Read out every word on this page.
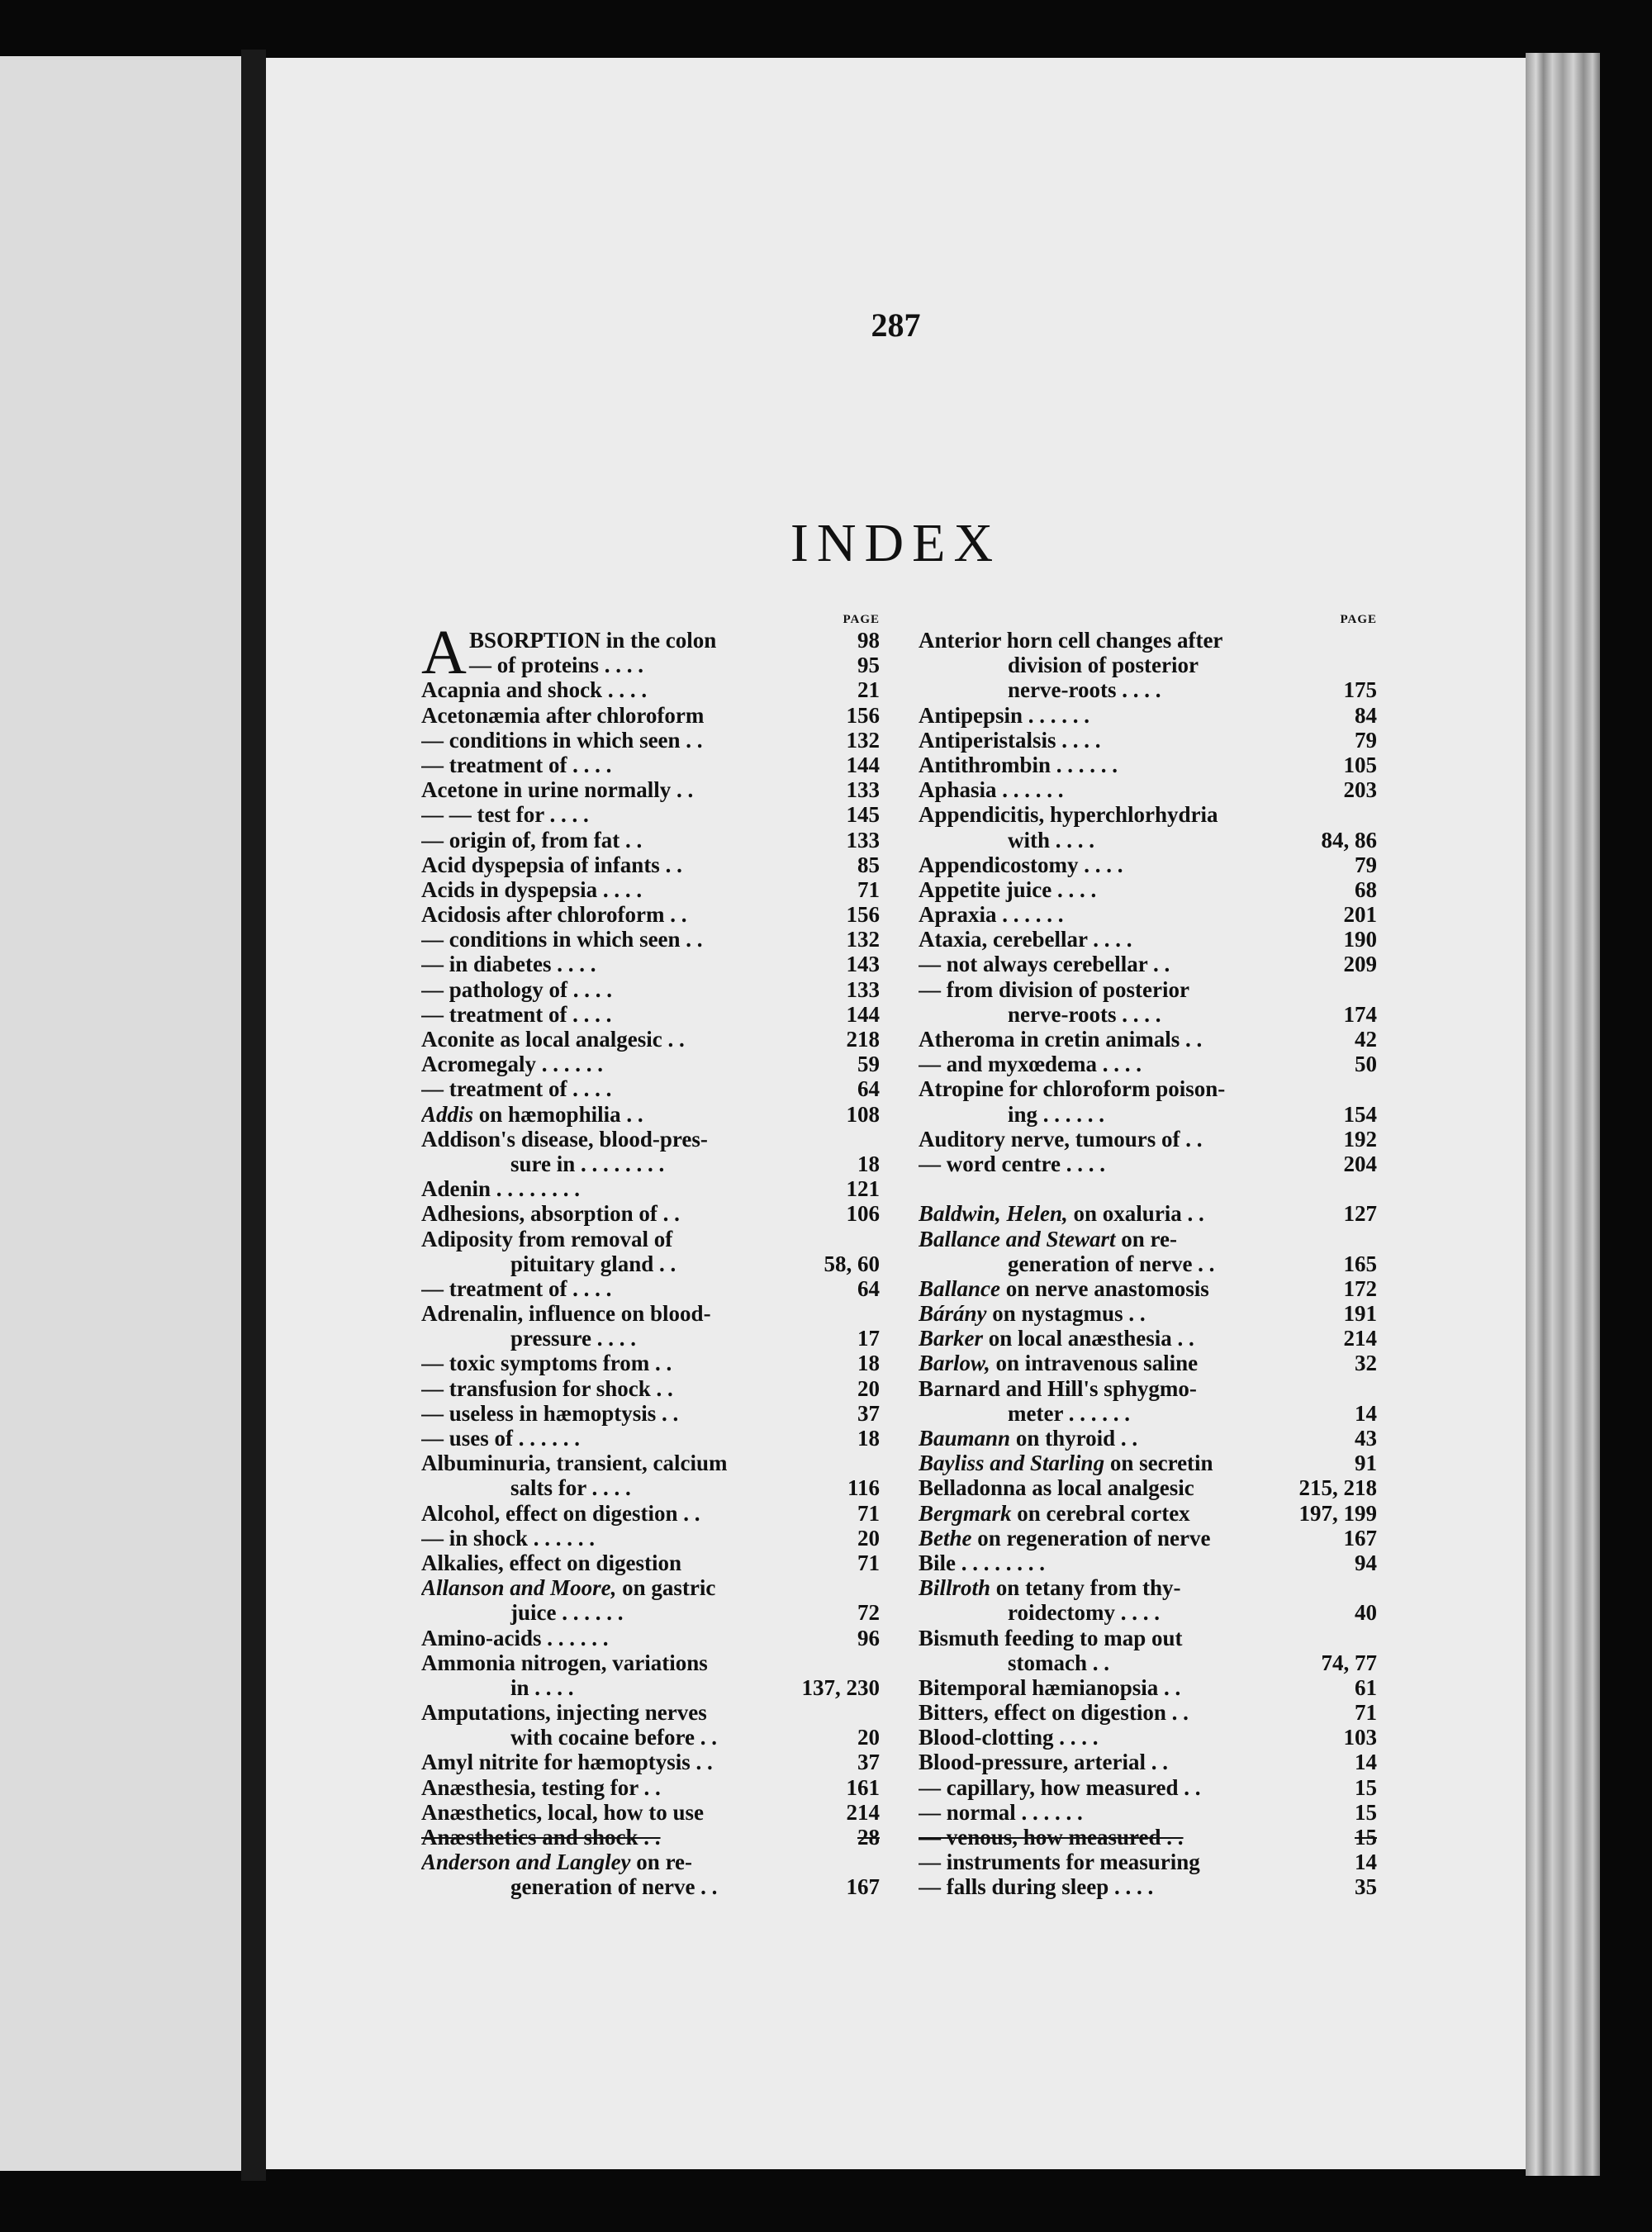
287
INDEX
PAGE
A BSORPTION in the colon	98
— of proteins . . . .	95
Acapnia and shock . . . .	21
Acetonæmia after chloroform	156
— conditions in which seen . .	132
— treatment of . . . .	144
Acetone in urine normally . .	133
— — test for . . . .	145
— origin of, from fat . .	133
Acid dyspepsia of infants . .	85
Acids in dyspepsia . . . .	71
Acidosis after chloroform . .	156
— conditions in which seen . .	132
— in diabetes . . . .	143
— pathology of . . . .	133
— treatment of . . . .	144
Aconite as local analgesic . .	218
Acromegaly . . . . . .	59
— treatment of . . . .	64
Addis on hæmophilia . .	108
Addison's disease, blood-pres-
sure in . . . . . . . .	18
Adenin . . . . . . . .	121
Adhesions, absorption of . .	106
Adiposity from removal of
pituitary gland . .	58, 60
— treatment of . . . .	64
Adrenalin, influence on blood-
pressure . . . .	17
— toxic symptoms from . .	18
— transfusion for shock . .	20
— useless in hæmoptysis . .	37
— uses of . . . . . .	18
Albuminuria, transient, calcium
salts for . . . .	116
Alcohol, effect on digestion . .	71
— in shock . . . . . .	20
Alkalies, effect on digestion	71
Allanson and Moore, on gastric
juice . . . . . .	72
Amino-acids . . . . . .	96
Ammonia nitrogen, variations
in . . . .	137, 230
Amputations, injecting nerves
with cocaine before . .	20
Amyl nitrite for hæmoptysis . .	37
Anæsthesia, testing for . .	161
Anæsthetics, local, how to use	214
Anæsthetics and shock . .	28
Anderson and Langley on re-
generation of nerve . .	167
PAGE
Anterior horn cell changes after
division of posterior
nerve-roots . . . .	175
Antipepsin . . . . . .	84
Antiperistalsis . . . .	79
Antithrombin . . . . . .	105
Aphasia . . . . . .	203
Appendicitis, hyperchlorhydria
with . . . .	84, 86
Appendicostomy . . . .	79
Appetite juice . . . .	68
Apraxia . . . . . .	201
Ataxia, cerebellar . . . .	190
— not always cerebellar . .	209
— from division of posterior
nerve-roots . . . .	174
Atheroma in cretin animals . .	42
— and myxœdema . . . .	50
Atropine for chloroform poison-
ing . . . . . .	154
Auditory nerve, tumours of . .	192
— word centre . . . .	204
Baldwin, Helen, on oxaluria . .	127
Ballance and Stewart on re-
generation of nerve . .	165
Ballance on nerve anastomosis	172
Bárány on nystagmus . .	191
Barker on local anæsthesia . .	214
Barlow, on intravenous saline	32
Barnard and Hill's sphygmo-
meter . . . . . .	14
Baumann on thyroid . .	43
Bayliss and Starling on secretin	91
Belladonna as local analgesic	215, 218
Bergmark on cerebral cortex	197, 199
Bethe on regeneration of nerve	167
Bile . . . . . . . .	94
Billroth on tetany from thy-
roidectomy . . . .	40
Bismuth feeding to map out
stomach . .	74, 77
Bitemporal hæmianopsia . .	61
Bitters, effect on digestion . .	71
Blood-clotting . . . .	103
Blood-pressure, arterial . .	14
— capillary, how measured . .	15
— normal . . . . . .	15
— venous, how measured . .	15
— instruments for measuring	14
— falls during sleep . . . .	35
